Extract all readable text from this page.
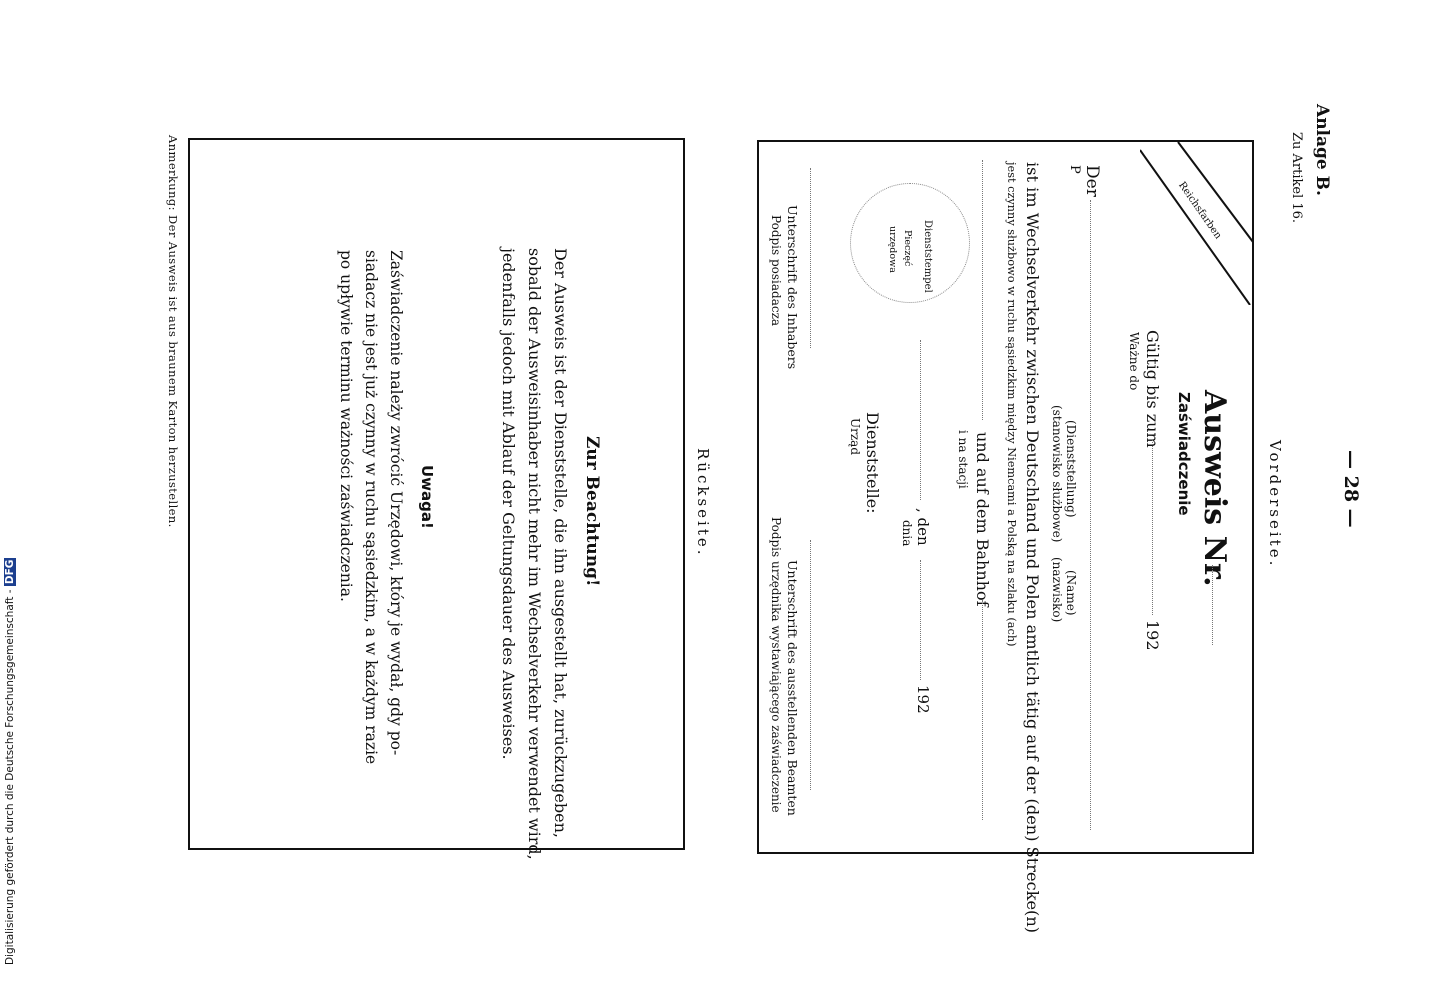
Digitalisierung gefördert durch die Deutsche Forschungsgemeinschaft - DFG
Anlage B.
Zu Artikel 16.
— 28 —
Vorderseite.
Rückseite.
Reichsfarben
Ausweis Nr.
Zaświadczenie
Gültig bis zum
Ważne do
192
Der
P
(Dienststellung)
(stanowisko służbowe)
(Name)
(nazwisko)
ist im Wechselverkehr zwischen Deutschland und Polen amtlich tätig auf der (den) Strecke(n)
jest czynny służbowo w ruchu sąsiedzkim między Niemcami a Polską na szlaku (ach)
und auf dem Bahnhof
i na stacji
Dienststelle:
Urząd
, den
dnia
192
Dienststempel
Pieczęć
urzędowa
Unterschrift des Inhabers
Podpis posiadacza
Unterschrift des ausstellenden Beamten
Podpis urzędnika wystawiającego zaświadczenie
Zur Beachtung!
Der Ausweis ist der Dienststelle, die ihn ausgestellt hat, zurückzugeben,
sobald der Ausweisinhaber nicht mehr im Wechselverkehr verwendet wird,
jedenfalls jedoch mit Ablauf der Geltungsdauer des Ausweises.
Uwaga!
Zaświadczenie należy zwrócić Urzędowi, który je wydał, gdy po-
siadacz nie jest już czynny w ruchu sąsiedzkim, a w każdym razie
po upływie terminu ważności zaświadczenia.
Anmerkung: Der Ausweis ist aus braunem Karton herzustellen.
